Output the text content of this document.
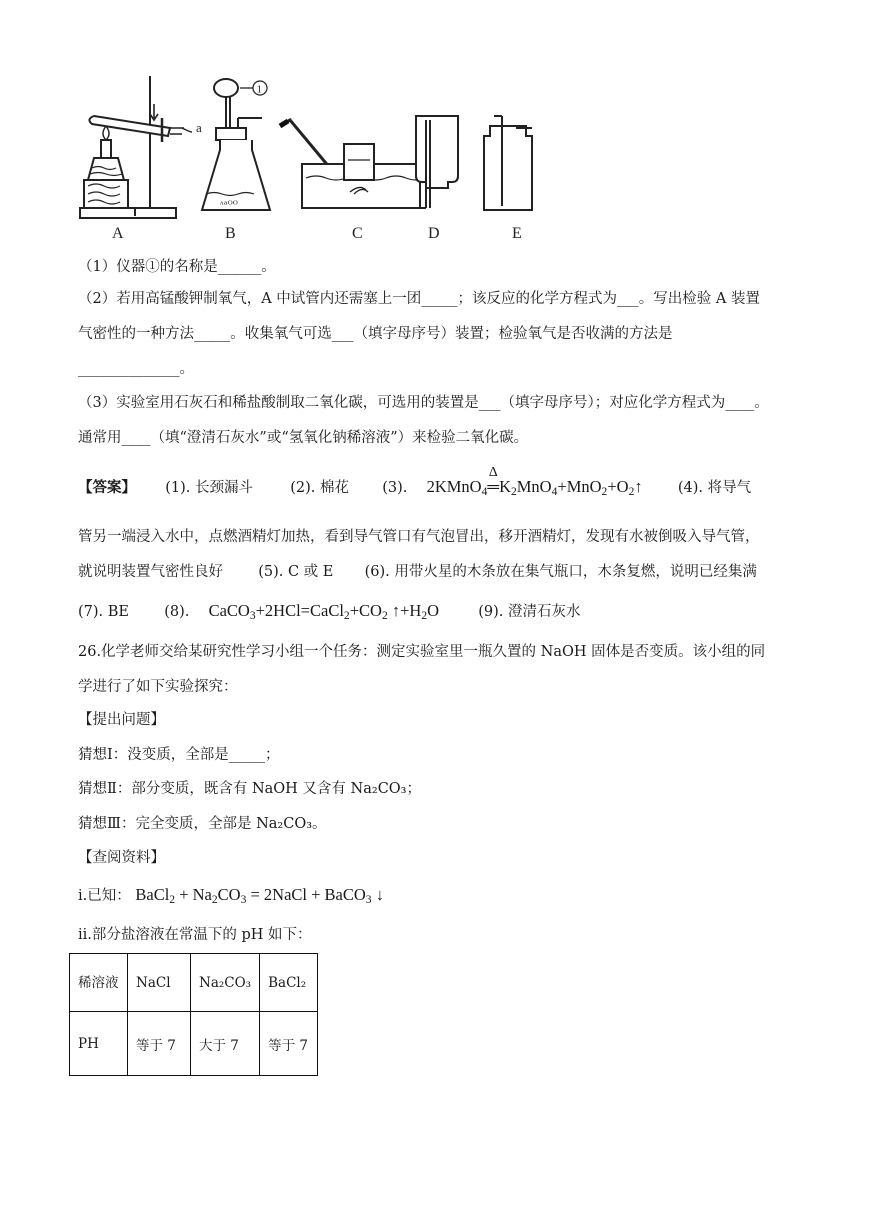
a
ᶺᵃᴼᴼ
1
A	B	C	D	E
（1）仪器①的名称是______。
（2）若用高锰酸钾制氧气，A 中试管内还需塞上一团_____；该反应的化学方程式为___。写出检验 A 装置
气密性的一种方法_____。收集氧气可选___（填字母序号）装置；检验氧气是否收满的方法是
______________。
（3）实验室用石灰石和稀盐酸制取二氧化碳，可选用的装置是___（填字母序号）；对应化学方程式为____。
通常用____（填“澄清石灰水”或“氢氧化钠稀溶液”）来检验二氧化碳。
【答案】 (1). 长颈漏斗	(2). 棉花 (3). 2KMnO$_4$
Δ
$═K_2MnO_4+MnO_2+O_2↑$ (4). 将导气
管另一端浸入水中，点燃酒精灯加热，看到导气管口有气泡冒出，移开酒精灯，发现有水被倒吸入导气管，
就说明装置气密性良好 (5). C 或 E (6). 用带火星的木条放在集气瓶口，木条复燃，说明已经集满
(7). BE (8). $CaCO_3+2HCl=CaCl_2+CO_2$ $↑+H_2O$	(9). 澄清石灰水
26.化学老师交给某研究性学习小组一个任务：测定实验室里一瓶久置的 NaOH 固体是否变质。该小组的同
学进行了如下实验探究：
【提出问题】
猜想Ⅰ：没变质，全部是_____；
猜想Ⅱ：部分变质，既含有 NaOH 又含有 Na₂CO₃；
猜想Ⅲ：完全变质，全部是 Na₂CO₃。
【查阅资料】
i.已知： BaCl$_2$ + $Na_2CO_3$ = 2NaCl + BaCO$_3$ ↓
ⅱ.部分盐溶液在常温下的 pH 如下：
稀溶液	NaCl	Na₂CO₃	BaCl₂
PH	等于 7	大于 7	等于 7
